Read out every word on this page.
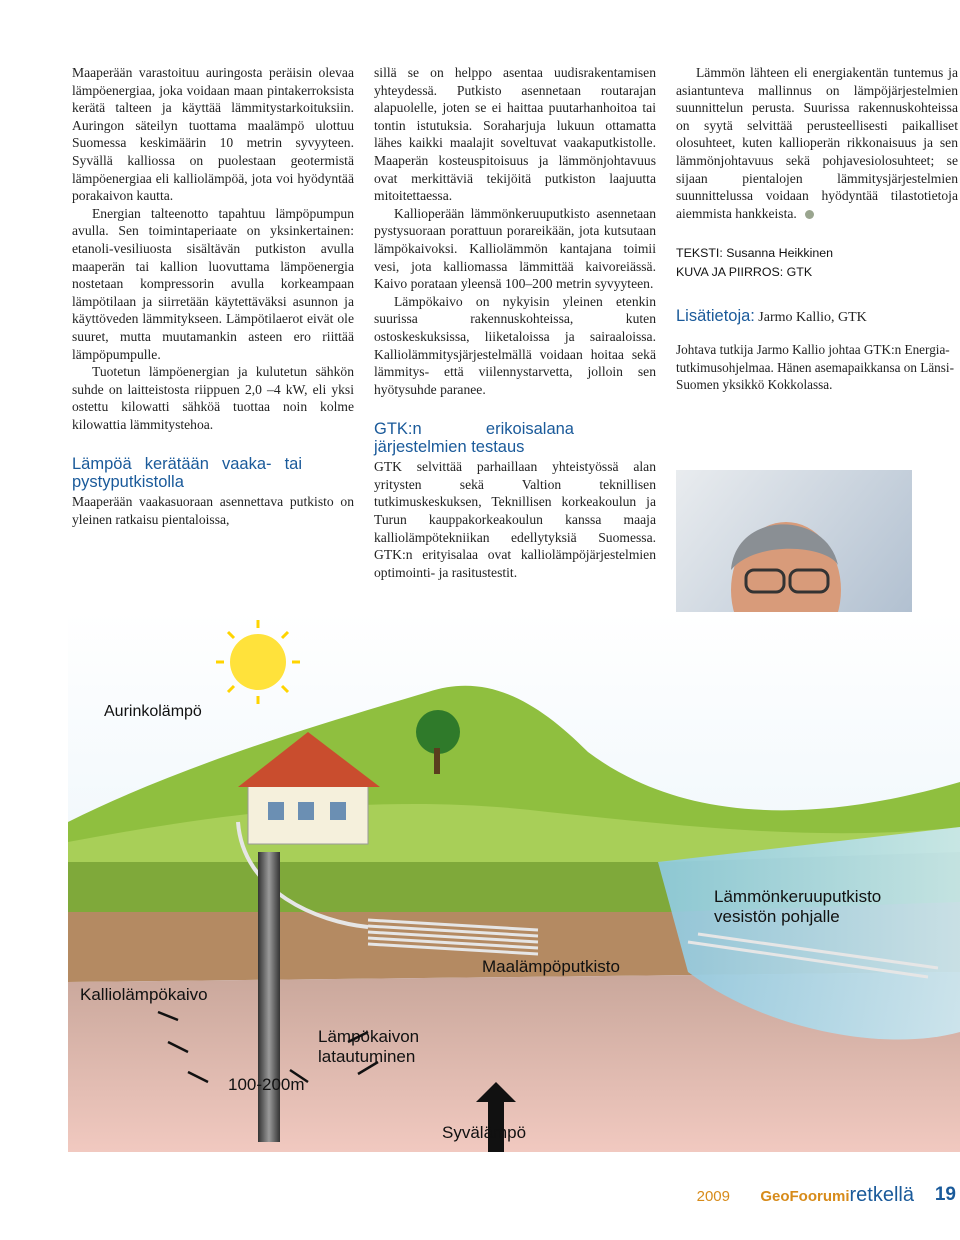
Maaperään varastoituu auringosta peräisin olevaa lämpöenergiaa, joka voidaan maan pintakerroksista kerätä talteen ja käyttää lämmitystarkoituksiin. Auringon säteilyn tuottama maalämpö ulottuu Suomessa keskimäärin 10 metrin syvyyteen. Syvällä kalliossa on puolestaan geotermistä lämpöenergiaa eli kalliolämpöä, jota voi hyödyntää porakaivon kautta.

Energian talteenotto tapahtuu lämpöpumpun avulla. Sen toimintaperiaate on yksinkertainen: etanoli-vesiliuosta sisältävän putkiston avulla maaperän tai kallion luovuttama lämpöenergia nostetaan kompressorin avulla korkeampaan lämpötilaan ja siirretään käytettäväksi asunnon ja käyttöveden lämmitykseen. Lämpötilaerot eivät ole suuret, mutta muutamankin asteen ero riittää lämpöpumpulle.

Tuotetun lämpöenergian ja kulutetun sähkön suhde on laitteistosta riippuen 2,0 –4 kW, eli yksi ostettu kilowatti sähköä tuottaa noin kolme kilowattia lämmitystehoa.

Lämpöä kerätään vaaka- tai pystyputkistolla

Maaperään vaakasuoraan asennettava putkisto on yleinen ratkaisu pientaloissa,

sillä se on helppo asentaa uudisrakentamisen yhteydessä. Putkisto asennetaan routarajan alapuolelle, joten se ei haittaa puutarhanhoitoa tai tontin istutuksia. Soraharjuja lukuun ottamatta lähes kaikki maalajit soveltuvat vaakaputkistolle. Maaperän kosteuspitoisuus ja lämmönjohtavuus ovat merkittäviä tekijöitä putkiston laajuutta mitoitettaessa.

Kallioperään lämmönkeruuputkisto asennetaan pystysuoraan porattuun porareikään, jota kutsutaan lämpökaivoksi. Kalliolämmön kantajana toimii vesi, jota kalliomassa lämmittää kaivoreiässä. Kaivo porataan yleensä 100–200 metrin syvyyteen.

Lämpökaivo on nykyisin yleinen etenkin suurissa rakennuskohteissa, kuten ostoskeskuksissa, liiketaloissa ja sairaaloissa. Kalliolämmitysjärjestelmällä voidaan hoitaa sekä lämmitys- että viilennystarvetta, jolloin sen hyötysuhde paranee.

GTK:n erikoisalana järjestelmien testaus

GTK selvittää parhaillaan yhteistyössä alan yritysten sekä Valtion teknillisen tutkimuskeskuksen, Teknillisen korkeakoulun ja Turun kauppakorkeakoulun kanssa maaja kalliolämpötekniikan edellytyksiä Suomessa. GTK:n erityisalaa ovat kalliolämpöjärjestelmien optimointi- ja rasitustestit.

Lämmön lähteen eli energiakentän tuntemus ja asiantunteva mallinnus on lämpöjärjestelmien suunnittelun perusta. Suurissa rakennuskohteissa on syytä selvittää perusteellisesti paikalliset olosuhteet, kuten kallioperän rikkonaisuus ja sen lämmönjohtavuus sekä pohjavesiolosuhteet; se sijaan pientalojen lämmitysjärjestelmien suunnittelussa voidaan hyödyntää tilastotietoja aiemmista hankkeista.

TEKSTI: Susanna Heikkinen
KUVA JA PIIRROS: GTK
Lisätietoja: Jarmo Kallio, GTK

Johtava tutkija Jarmo Kallio johtaa GTK:n Energia-tutkimusohjelmaa. Hänen asemapaikkansa on Länsi-Suomen yksikkö Kokkolassa.

Aurinkolämpö
Lämmönkeruuputkisto
vesistön pohjalle
Maalämpöputkisto
Kalliolämpökaivo
Lämpökaivon
latautuminen
100-200m
Syvälämpö
2009 GeoFoorumiretkellä 19
